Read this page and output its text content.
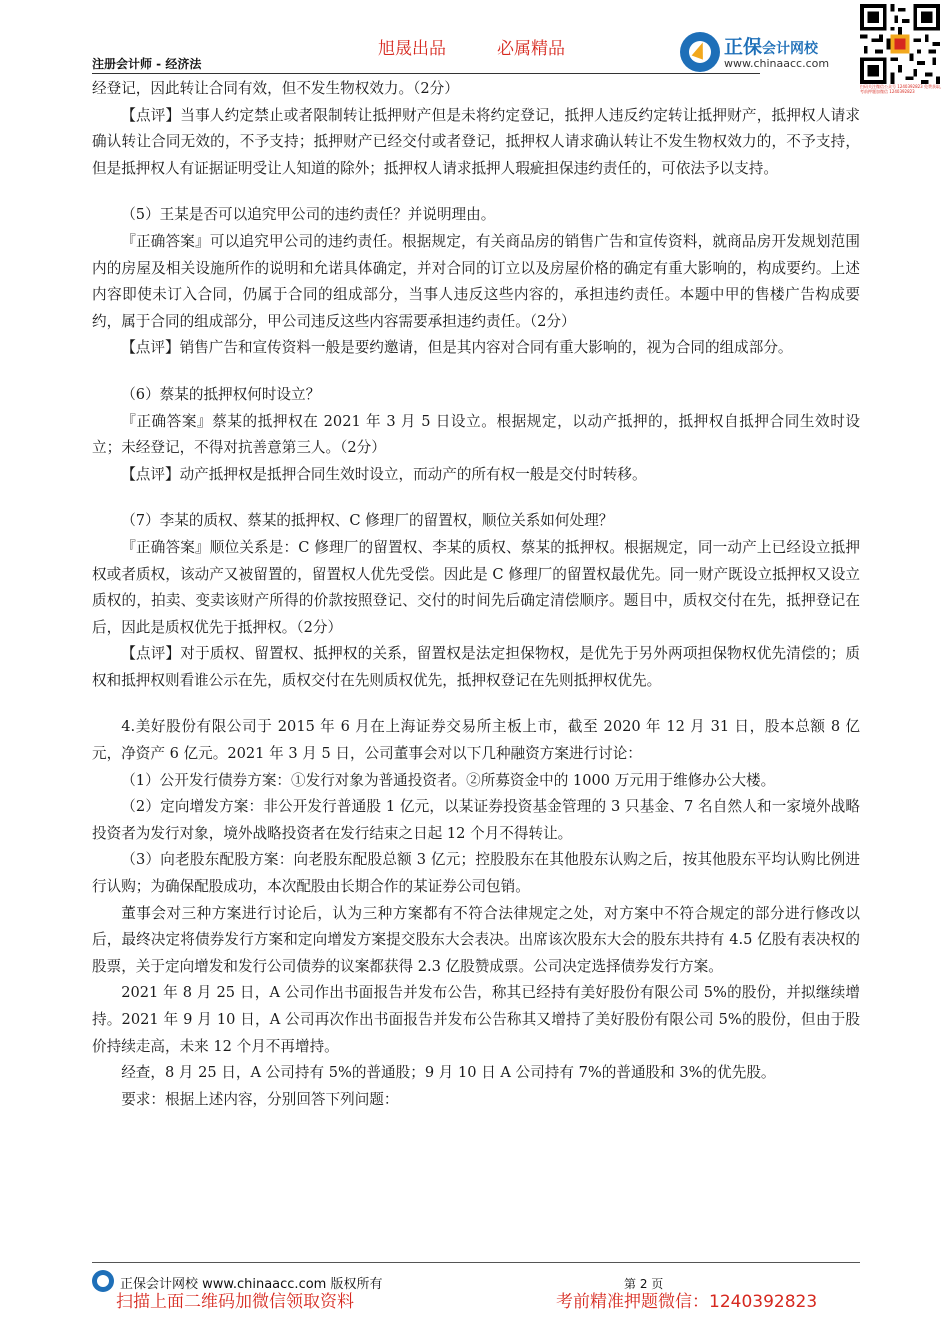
旭晟出品	必属精品
注册会计师 - 经济法
正保会计网校
www.chinaacc.com
扫码关注微信公众号 1240392823 免费获取，考前押题加微信 1240392823

经登记，因此转让合同有效，但不发生物权效力。（2分）

【点评】当事人约定禁止或者限制转让抵押财产但是未将约定登记，抵押人违反约定转让抵押财产，抵押权人请求确认转让合同无效的，不予支持；抵押财产已经交付或者登记，抵押权人请求确认转让不发生物权效力的，不予支持，但是抵押权人有证据证明受让人知道的除外；抵押权人请求抵押人瑕疵担保违约责任的，可依法予以支持。

（5）王某是否可以追究甲公司的违约责任？并说明理由。

『正确答案』可以追究甲公司的违约责任。根据规定，有关商品房的销售广告和宣传资料，就商品房开发规划范围内的房屋及相关设施所作的说明和允诺具体确定，并对合同的订立以及房屋价格的确定有重大影响的，构成要约。上述内容即使未订入合同，仍属于合同的组成部分，当事人违反这些内容的，承担违约责任。本题中甲的售楼广告构成要约，属于合同的组成部分，甲公司违反这些内容需要承担违约责任。（2分）

【点评】销售广告和宣传资料一般是要约邀请，但是其内容对合同有重大影响的，视为合同的组成部分。

（6）蔡某的抵押权何时设立？

『正确答案』蔡某的抵押权在 2021 年 3 月 5 日设立。根据规定，以动产抵押的，抵押权自抵押合同生效时设立；未经登记，不得对抗善意第三人。（2分）

【点评】动产抵押权是抵押合同生效时设立，而动产的所有权一般是交付时转移。

（7）李某的质权、蔡某的抵押权、C 修理厂的留置权，顺位关系如何处理？

『正确答案』顺位关系是：C 修理厂的留置权、李某的质权、蔡某的抵押权。根据规定，同一动产上已经设立抵押权或者质权，该动产又被留置的，留置权人优先受偿。因此是 C 修理厂的留置权最优先。同一财产既设立抵押权又设立质权的，拍卖、变卖该财产所得的价款按照登记、交付的时间先后确定清偿顺序。题目中，质权交付在先，抵押登记在后，因此是质权优先于抵押权。（2分）

【点评】对于质权、留置权、抵押权的关系，留置权是法定担保物权，是优先于另外两项担保物权优先清偿的；质权和抵押权则看谁公示在先，质权交付在先则质权优先，抵押权登记在先则抵押权优先。

4.美好股份有限公司于 2015 年 6 月在上海证券交易所主板上市，截至 2020 年 12 月 31 日，股本总额 8 亿元，净资产 6 亿元。2021 年 3 月 5 日，公司董事会对以下几种融资方案进行讨论：

（1）公开发行债券方案：①发行对象为普通投资者。②所募资金中的 1000 万元用于维修办公大楼。

（2）定向增发方案：非公开发行普通股 1 亿元，以某证券投资基金管理的 3 只基金、7 名自然人和一家境外战略投资者为发行对象，境外战略投资者在发行结束之日起 12 个月不得转让。

（3）向老股东配股方案：向老股东配股总额 3 亿元；控股股东在其他股东认购之后，按其他股东平均认购比例进行认购；为确保配股成功，本次配股由长期合作的某证券公司包销。

董事会对三种方案进行讨论后，认为三种方案都有不符合法律规定之处，对方案中不符合规定的部分进行修改以后，最终决定将债券发行方案和定向增发方案提交股东大会表决。出席该次股东大会的股东共持有 4.5 亿股有表决权的股票，关于定向增发和发行公司债券的议案都获得 2.3 亿股赞成票。公司决定选择债券发行方案。

2021 年 8 月 25 日，A 公司作出书面报告并发布公告，称其已经持有美好股份有限公司 5%的股份，并拟继续增持。2021 年 9 月 10 日，A 公司再次作出书面报告并发布公告称其又增持了美好股份有限公司 5%的股份，但由于股价持续走高，未来 12 个月不再增持。

经查，8 月 25 日，A 公司持有 5%的普通股；9 月 10 日 A 公司持有 7%的普通股和 3%的优先股。

要求：根据上述内容，分别回答下列问题：

正保会计网校 www.chinaacc.com 版权所有	第 2 页
扫描上面二维码加微信领取资料	考前精准押题微信：1240392823
